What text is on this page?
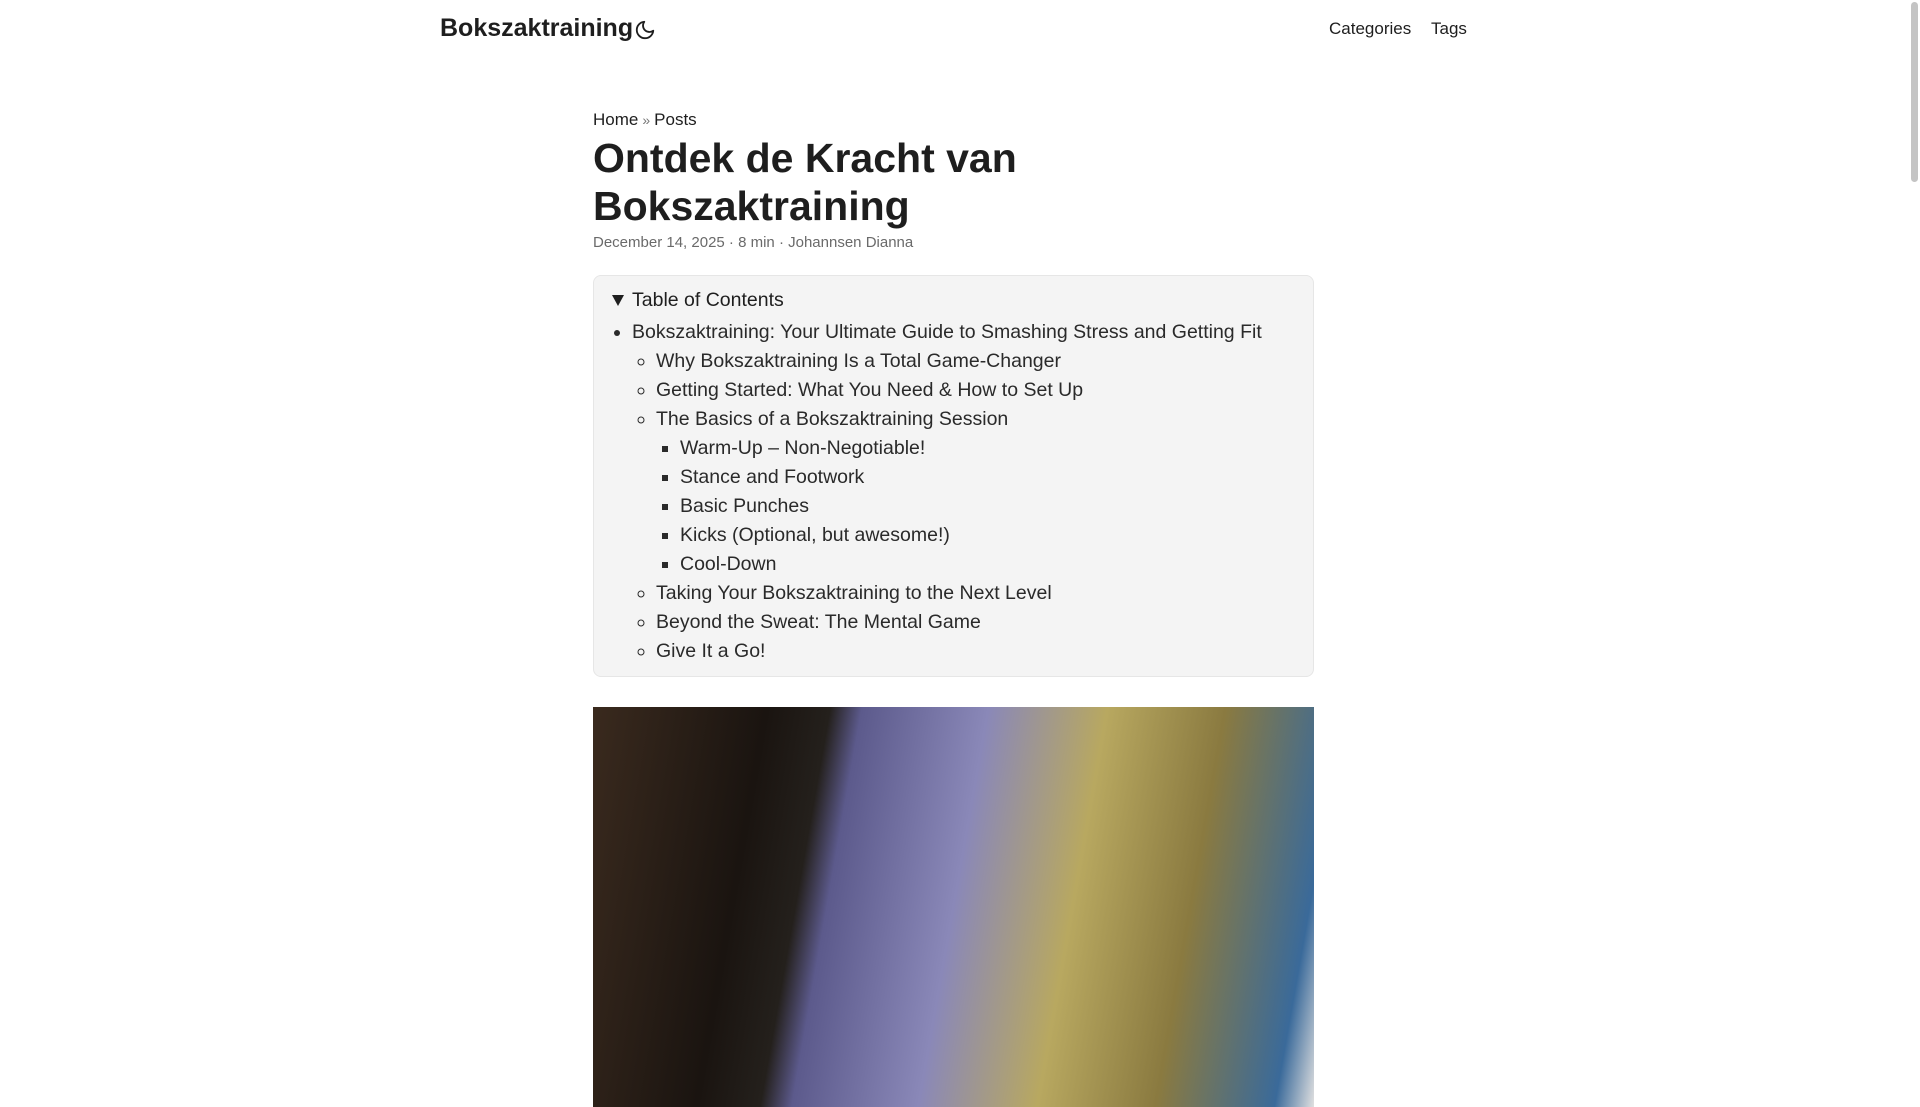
Bokszaktraining	Categories Tags
Home » Posts
Ontdek de Kracht van Bokszaktraining
December 14, 2025 · 8 min · Johannsen Dianna
Table of Contents
• Bokszaktraining: Your Ultimate Guide to Smashing Stress and Getting Fit
◦ Why Bokszaktraining Is a Total Game-Changer
◦ Getting Started: What You Need & How to Set Up
◦ The Basics of a Bokszaktraining Session
▪ Warm-Up – Non-Negotiable!
▪ Stance and Footwork
▪ Basic Punches
▪ Kicks (Optional, but awesome!)
▪ Cool-Down
◦ Taking Your Bokszaktraining to the Next Level
◦ Beyond the Sweat: The Mental Game
◦ Give It a Go!
